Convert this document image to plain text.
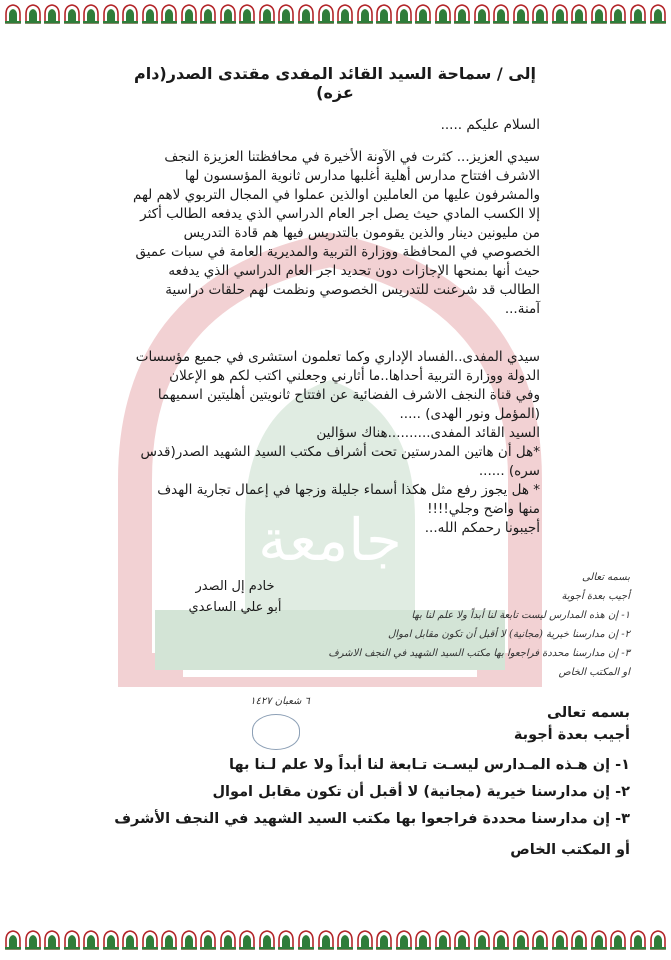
جامعة
إلى / سماحة السيد القائد المفدى مقتدى الصدر(دام عزه)
السلام عليكم .....
سيدي العزيز... كثرت في الآونة الأخيرة في محافظتنا العزيزة النجف
الاشرف افتتاح مدارس أهلية أغلبها مدارس ثانوية المؤسسون لها
والمشرفون عليها من العاملين اوالذين عملوا في المجال التربوي لاهم لهم
إلا الكسب المادي حيث يصل اجر العام الدراسي الذي يدفعه الطالب أكثر
من مليونين دينار والذين يقومون بالتدريس فيها هم قادة التدريس
الخصوصي في المحافظة ووزارة التربية والمديرية العامة في سبات عميق
حيث أنها بمنحها الإجازات دون تحديد اجر العام الدراسي الذي يدفعه
الطالب قد شرعنت للتدريس الخصوصي ونظمت لهم حلقات دراسية
آمنة...
سيدي المفدى..الفساد الإداري وكما تعلمون استشرى في جميع مؤسسات
الدولة ووزارة التربية أحداها..ما أثارني وجعلني اكتب لكم هو الإعلان
وفي قناة النجف الاشرف الفضائية عن افتتاح ثانويتين أهليتين اسميهما
(المؤمل ونور الهدى) .....
السيد القائد المفدى..........هناك سؤالين
*هل أن هاتين المدرستين تحت أشراف مكتب السيد الشهيد الصدر(قدس
سره) ......
* هل يجوز رفع مثل هكذا أسماء جليلة وزجها في إعمال تجارية الهدف
منها واضح وجلي!!!!
أجيبونا رحمكم الله...
خادم إل الصدر
أبو علي الساعدي
بسمه تعالى
أجيب بعدة أجوبة
١- إن هذه المدارس ليست تابعة لنا أبداً ولا علم لنا بها
٢- إن مدارسنا خيرية (مجانية) لا أقبل أن تكون مقابل اموال
٣- إن مدارسنا محددة فراجعوا بها مكتب السيد الشهيد في النجف الاشرف
او المكتب الخاص
٦ شعبان ١٤٢٧
بسمه تعالى
أجيب بعدة أجوبة
١- إن هـذه المـدارس ليسـت تـابعة لنا أبداً ولا علم لـنا بها
٢- إن مدارسنا خيرية (مجانية) لا أقبل أن تكون مقابل اموال
٣- إن مدارسنا محددة فراجعوا بها مكتب السيد الشهيد في النجف الأشرف
أو المكتب الخاص
